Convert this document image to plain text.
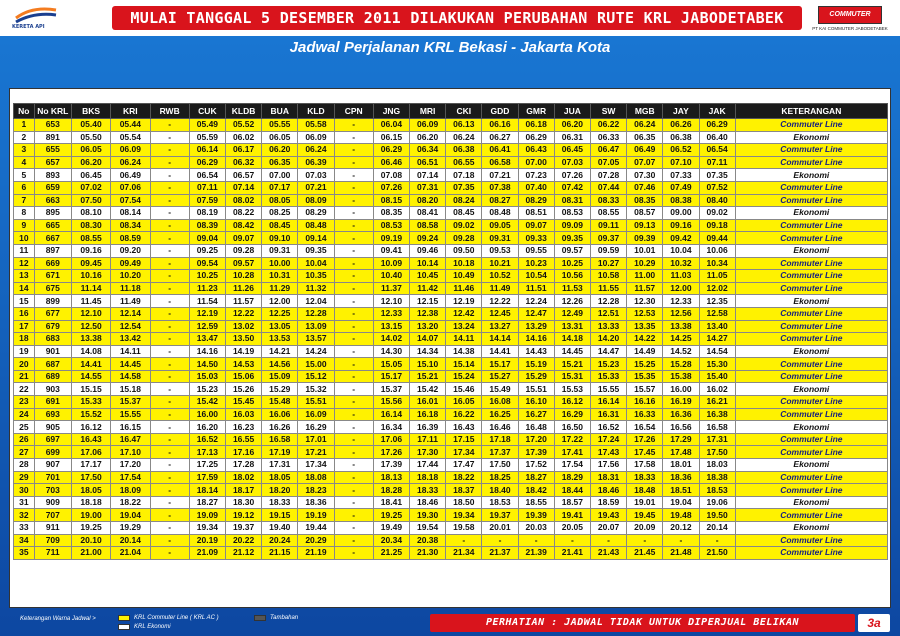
KERETA API	MULAI TANGGAL 5 DESEMBER 2011 DILAKUKAN PERUBAHAN RUTE KRL JABODETABEK	COMMUTER
PT KAI COMMUTER JABODETABEK
Jadwal Perjalanan KRL Bekasi - Jakarta Kota
No	No KRL	BKS	KRI	RWB	CUK	KLDB	BUA	KLD	CPN	JNG	MRI	CKI	GDD	GMR	JUA	SW	MGB	JAY	JAK	KETERANGAN
1	653	05.40	05.44	-	05.49	05.52	05.55	05.58	-	06.04	06.09	06.13	06.16	06.18	06.20	06.22	06.24	06.26	06.29	Commuter Line
2	891	05.50	05.54	-	05.59	06.02	06.05	06.09	-	06.15	06.20	06.24	06.27	06.29	06.31	06.33	06.35	06.38	06.40	Ekonomi
3	655	06.05	06.09	-	06.14	06.17	06.20	06.24	-	06.29	06.34	06.38	06.41	06.43	06.45	06.47	06.49	06.52	06.54	Commuter Line
4	657	06.20	06.24	-	06.29	06.32	06.35	06.39	-	06.46	06.51	06.55	06.58	07.00	07.03	07.05	07.07	07.10	07.11	Commuter Line
5	893	06.45	06.49	-	06.54	06.57	07.00	07.03	-	07.08	07.14	07.18	07.21	07.23	07.26	07.28	07.30	07.33	07.35	Ekonomi
6	659	07.02	07.06	-	07.11	07.14	07.17	07.21	-	07.26	07.31	07.35	07.38	07.40	07.42	07.44	07.46	07.49	07.52	Commuter Line
7	663	07.50	07.54	-	07.59	08.02	08.05	08.09	-	08.15	08.20	08.24	08.27	08.29	08.31	08.33	08.35	08.38	08.40	Commuter Line
8	895	08.10	08.14	-	08.19	08.22	08.25	08.29	-	08.35	08.41	08.45	08.48	08.51	08.53	08.55	08.57	09.00	09.02	Ekonomi
9	665	08.30	08.34	-	08.39	08.42	08.45	08.48	-	08.53	08.58	09.02	09.05	09.07	09.09	09.11	09.13	09.16	09.18	Commuter Line
10	667	08.55	08.59	-	09.04	09.07	09.10	09.14	-	09.19	09.24	09.28	09.31	09.33	09.35	09.37	09.39	09.42	09.44	Commuter Line
11	897	09.16	09.20	-	09.25	09.28	09.31	09.35	-	09.41	09.46	09.50	09.53	09.55	09.57	09.59	10.01	10.04	10.06	Ekonomi
12	669	09.45	09.49	-	09.54	09.57	10.00	10.04	-	10.09	10.14	10.18	10.21	10.23	10.25	10.27	10.29	10.32	10.34	Commuter Line
13	671	10.16	10.20	-	10.25	10.28	10.31	10.35	-	10.40	10.45	10.49	10.52	10.54	10.56	10.58	11.00	11.03	11.05	Commuter Line
14	675	11.14	11.18	-	11.23	11.26	11.29	11.32	-	11.37	11.42	11.46	11.49	11.51	11.53	11.55	11.57	12.00	12.02	Commuter Line
15	899	11.45	11.49	-	11.54	11.57	12.00	12.04	-	12.10	12.15	12.19	12.22	12.24	12.26	12.28	12.30	12.33	12.35	Ekonomi
16	677	12.10	12.14	-	12.19	12.22	12.25	12.28	-	12.33	12.38	12.42	12.45	12.47	12.49	12.51	12.53	12.56	12.58	Commuter Line
17	679	12.50	12.54	-	12.59	13.02	13.05	13.09	-	13.15	13.20	13.24	13.27	13.29	13.31	13.33	13.35	13.38	13.40	Commuter Line
18	683	13.38	13.42	-	13.47	13.50	13.53	13.57	-	14.02	14.07	14.11	14.14	14.16	14.18	14.20	14.22	14.25	14.27	Commuter Line
19	901	14.08	14.11	-	14.16	14.19	14.21	14.24	-	14.30	14.34	14.38	14.41	14.43	14.45	14.47	14.49	14.52	14.54	Ekonomi
20	687	14.41	14.45	-	14.50	14.53	14.56	15.00	-	15.05	15.10	15.14	15.17	15.19	15.21	15.23	15.25	15.28	15.30	Commuter Line
21	689	14.55	14.58	-	15.03	15.06	15.09	15.12	-	15.17	15.21	15.24	15.27	15.29	15.31	15.33	15.35	15.38	15.40	Commuter Line
22	903	15.15	15.18	-	15.23	15.26	15.29	15.32	-	15.37	15.42	15.46	15.49	15.51	15.53	15.55	15.57	16.00	16.02	Ekonomi
23	691	15.33	15.37	-	15.42	15.45	15.48	15.51	-	15.56	16.01	16.05	16.08	16.10	16.12	16.14	16.16	16.19	16.21	Commuter Line
24	693	15.52	15.55	-	16.00	16.03	16.06	16.09	-	16.14	16.18	16.22	16.25	16.27	16.29	16.31	16.33	16.36	16.38	Commuter Line
25	905	16.12	16.15	-	16.20	16.23	16.26	16.29	-	16.34	16.39	16.43	16.46	16.48	16.50	16.52	16.54	16.56	16.58	Ekonomi
26	697	16.43	16.47	-	16.52	16.55	16.58	17.01	-	17.06	17.11	17.15	17.18	17.20	17.22	17.24	17.26	17.29	17.31	Commuter Line
27	699	17.06	17.10	-	17.13	17.16	17.19	17.21	-	17.26	17.30	17.34	17.37	17.39	17.41	17.43	17.45	17.48	17.50	Commuter Line
28	907	17.17	17.20	-	17.25	17.28	17.31	17.34	-	17.39	17.44	17.47	17.50	17.52	17.54	17.56	17.58	18.01	18.03	Ekonomi
29	701	17.50	17.54	-	17.59	18.02	18.05	18.08	-	18.13	18.18	18.22	18.25	18.27	18.29	18.31	18.33	18.36	18.38	Commuter Line
30	703	18.05	18.09	-	18.14	18.17	18.20	18.23	-	18.28	18.33	18.37	18.40	18.42	18.44	18.46	18.48	18.51	18.53	Commuter Line
31	909	18.18	18.22	-	18.27	18.30	18.33	18.36	-	18.41	18.46	18.50	18.53	18.55	18.57	18.59	19.01	19.04	19.06	Ekonomi
32	707	19.00	19.04	-	19.09	19.12	19.15	19.19	-	19.25	19.30	19.34	19.37	19.39	19.41	19.43	19.45	19.48	19.50	Commuter Line
33	911	19.25	19.29	-	19.34	19.37	19.40	19.44	-	19.49	19.54	19.58	20.01	20.03	20.05	20.07	20.09	20.12	20.14	Ekonomi
34	709	20.10	20.14	-	20.19	20.22	20.24	20.29	-	20.34	20.38	-	-	-	-	-	-	-	-	Commuter Line
35	711	21.00	21.04	-	21.09	21.12	21.15	21.19	-	21.25	21.30	21.34	21.37	21.39	21.41	21.43	21.45	21.48	21.50	Commuter Line
Keterangan Warna Jadwal >	KRL Commuter Line ( KRL AC )
KRL Ekonomi
Tambahan	PERHATIAN : JADWAL TIDAK UNTUK DIPERJUAL BELIKAN	3a
